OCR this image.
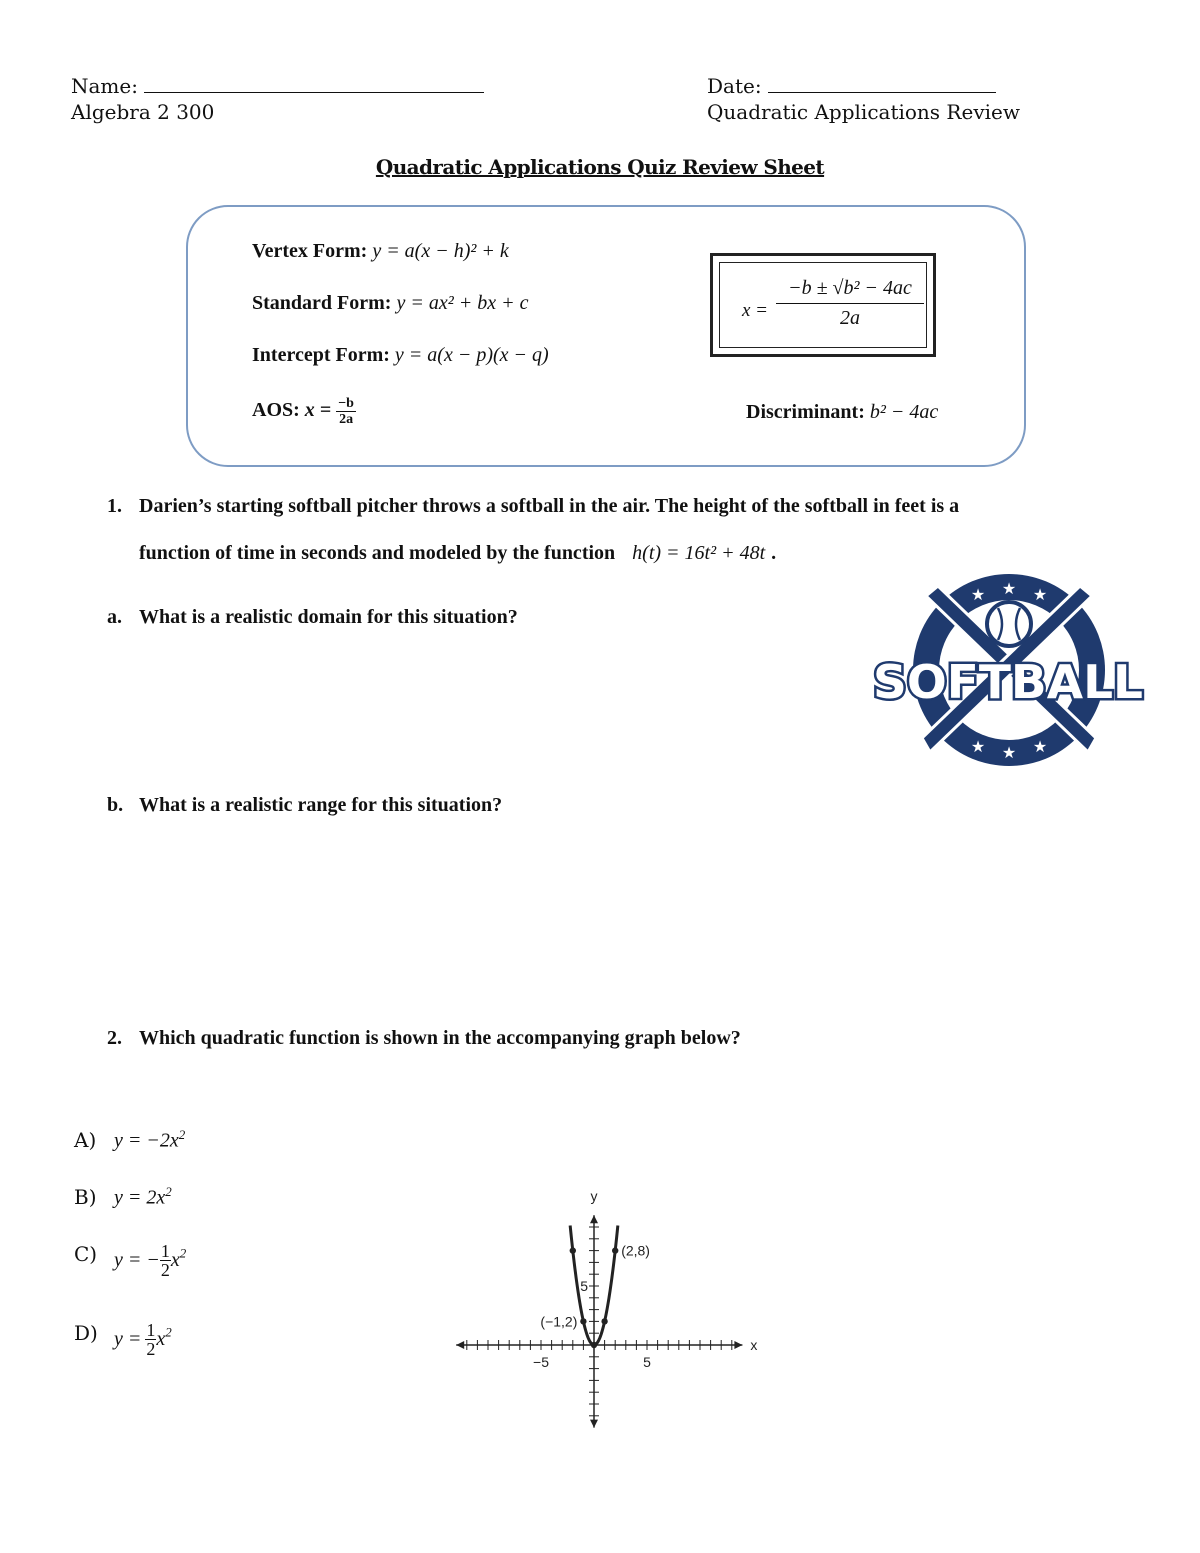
Name:
Algebra 2 300
Date:
Quadratic Applications Review
Quadratic Applications Quiz Review Sheet
Vertex Form: y = a(x − h)² + k
Standard Form: y = ax² + bx + c
Intercept Form: y = a(x − p)(x − q)
AOS: $x = \frac{-b}{2a}$
$x = \frac{\text{−b ± √b² − 4ac}}{2a}$
Discriminant: b² − 4ac
1. Darien’s starting softball pitcher throws a softball in the air. The height of the softball in feet is a
function of time in seconds and modeled by the function h(t) = 16t² + 48t .
a. What is a realistic domain for this situation?
b. What is a realistic range for this situation?
★ ★ ★
★ ★ ★
SOFTBALL
2. Which quadratic function is shown in the accompanying graph below?
A) $y = -2x^2$
B) $y = 2x^2$
C) y = − $\frac{1}{2}x^2$
D) $y = \frac{1}{2}x^2$
−5	5
5
x
y
(−1,2)
(2,8)
